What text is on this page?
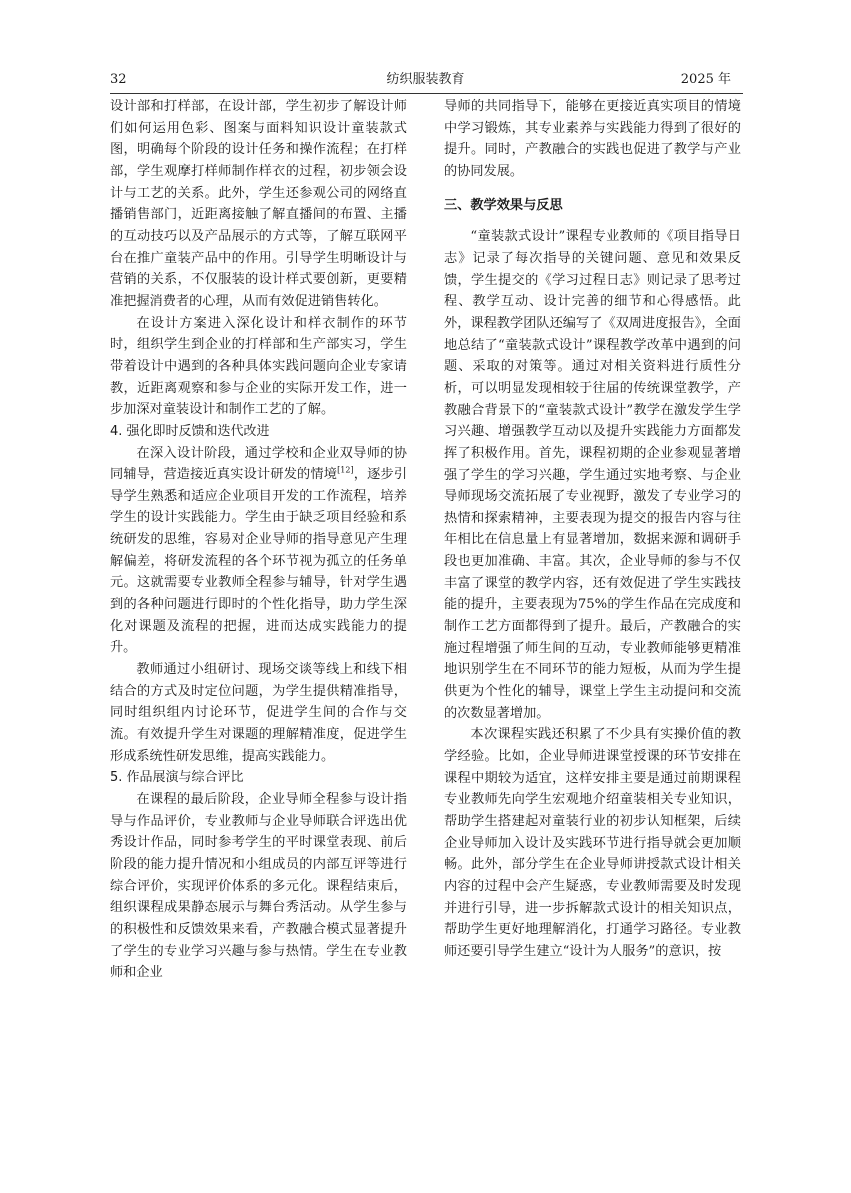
32	纺织服装教育	2025 年

设计部和打样部，在设计部，学生初步了解设计师们如何运用色彩、图案与面料知识设计童装款式图，明确每个阶段的设计任务和操作流程；在打样部，学生观摩打样师制作样衣的过程，初步领会设计与工艺的关系。此外，学生还参观公司的网络直播销售部门，近距离接触了解直播间的布置、主播的互动技巧以及产品展示的方式等，了解互联网平台在推广童装产品中的作用。引导学生明晰设计与营销的关系，不仅服装的设计样式要创新，更要精准把握消费者的心理，从而有效促进销售转化。

在设计方案进入深化设计和样衣制作的环节时，组织学生到企业的打样部和生产部实习，学生带着设计中遇到的各种具体实践问题向企业专家请教，近距离观察和参与企业的实际开发工作，进一步加深对童装设计和制作工艺的了解。

4. 强化即时反馈和迭代改进

在深入设计阶段，通过学校和企业双导师的协同辅导，营造接近真实设计研发的情境[12]，逐步引导学生熟悉和适应企业项目开发的工作流程，培养学生的设计实践能力。学生由于缺乏项目经验和系统研发的思维，容易对企业导师的指导意见产生理解偏差，将研发流程的各个环节视为孤立的任务单元。这就需要专业教师全程参与辅导，针对学生遇到的各种问题进行即时的个性化指导，助力学生深化对课题及流程的把握，进而达成实践能力的提升。

教师通过小组研讨、现场交谈等线上和线下相结合的方式及时定位问题，为学生提供精准指导，同时组织组内讨论环节，促进学生间的合作与交流。有效提升学生对课题的理解精准度，促进学生形成系统性研发思维，提高实践能力。

5. 作品展演与综合评比

在课程的最后阶段，企业导师全程参与设计指导与作品评价，专业教师与企业导师联合评选出优秀设计作品，同时参考学生的平时课堂表现、前后阶段的能力提升情况和小组成员的内部互评等进行综合评价，实现评价体系的多元化。课程结束后，组织课程成果静态展示与舞台秀活动。从学生参与的积极性和反馈效果来看，产教融合模式显著提升了学生的专业学习兴趣与参与热情。学生在专业教师和企业

导师的共同指导下，能够在更接近真实项目的情境中学习锻炼，其专业素养与实践能力得到了很好的提升。同时，产教融合的实践也促进了教学与产业的协同发展。

三、教学效果与反思

“童装款式设计”课程专业教师的《项目指导日志》记录了每次指导的关键问题、意见和效果反馈，学生提交的《学习过程日志》则记录了思考过程、教学互动、设计完善的细节和心得感悟。此外，课程教学团队还编写了《双周进度报告》，全面地总结了“童装款式设计”课程教学改革中遇到的问题、采取的对策等。通过对相关资料进行质性分析，可以明显发现相较于往届的传统课堂教学，产教融合背景下的“童装款式设计”教学在激发学生学习兴趣、增强教学互动以及提升实践能力方面都发挥了积极作用。首先，课程初期的企业参观显著增强了学生的学习兴趣，学生通过实地考察、与企业导师现场交流拓展了专业视野，激发了专业学习的热情和探索精神，主要表现为提交的报告内容与往年相比在信息量上有显著增加，数据来源和调研手段也更加准确、丰富。其次，企业导师的参与不仅丰富了课堂的教学内容，还有效促进了学生实践技能的提升，主要表现为75%的学生作品在完成度和制作工艺方面都得到了提升。最后，产教融合的实施过程增强了师生间的互动，专业教师能够更精准地识别学生在不同环节的能力短板，从而为学生提供更为个性化的辅导，课堂上学生主动提问和交流的次数显著增加。

本次课程实践还积累了不少具有实操价值的教学经验。比如，企业导师进课堂授课的环节安排在课程中期较为适宜，这样安排主要是通过前期课程专业教师先向学生宏观地介绍童装相关专业知识，帮助学生搭建起对童装行业的初步认知框架，后续企业导师加入设计及实践环节进行指导就会更加顺畅。此外，部分学生在企业导师讲授款式设计相关内容的过程中会产生疑惑，专业教师需要及时发现并进行引导，进一步拆解款式设计的相关知识点，帮助学生更好地理解消化，打通学习路径。专业教师还要引导学生建立“设计为人服务”的意识，按
